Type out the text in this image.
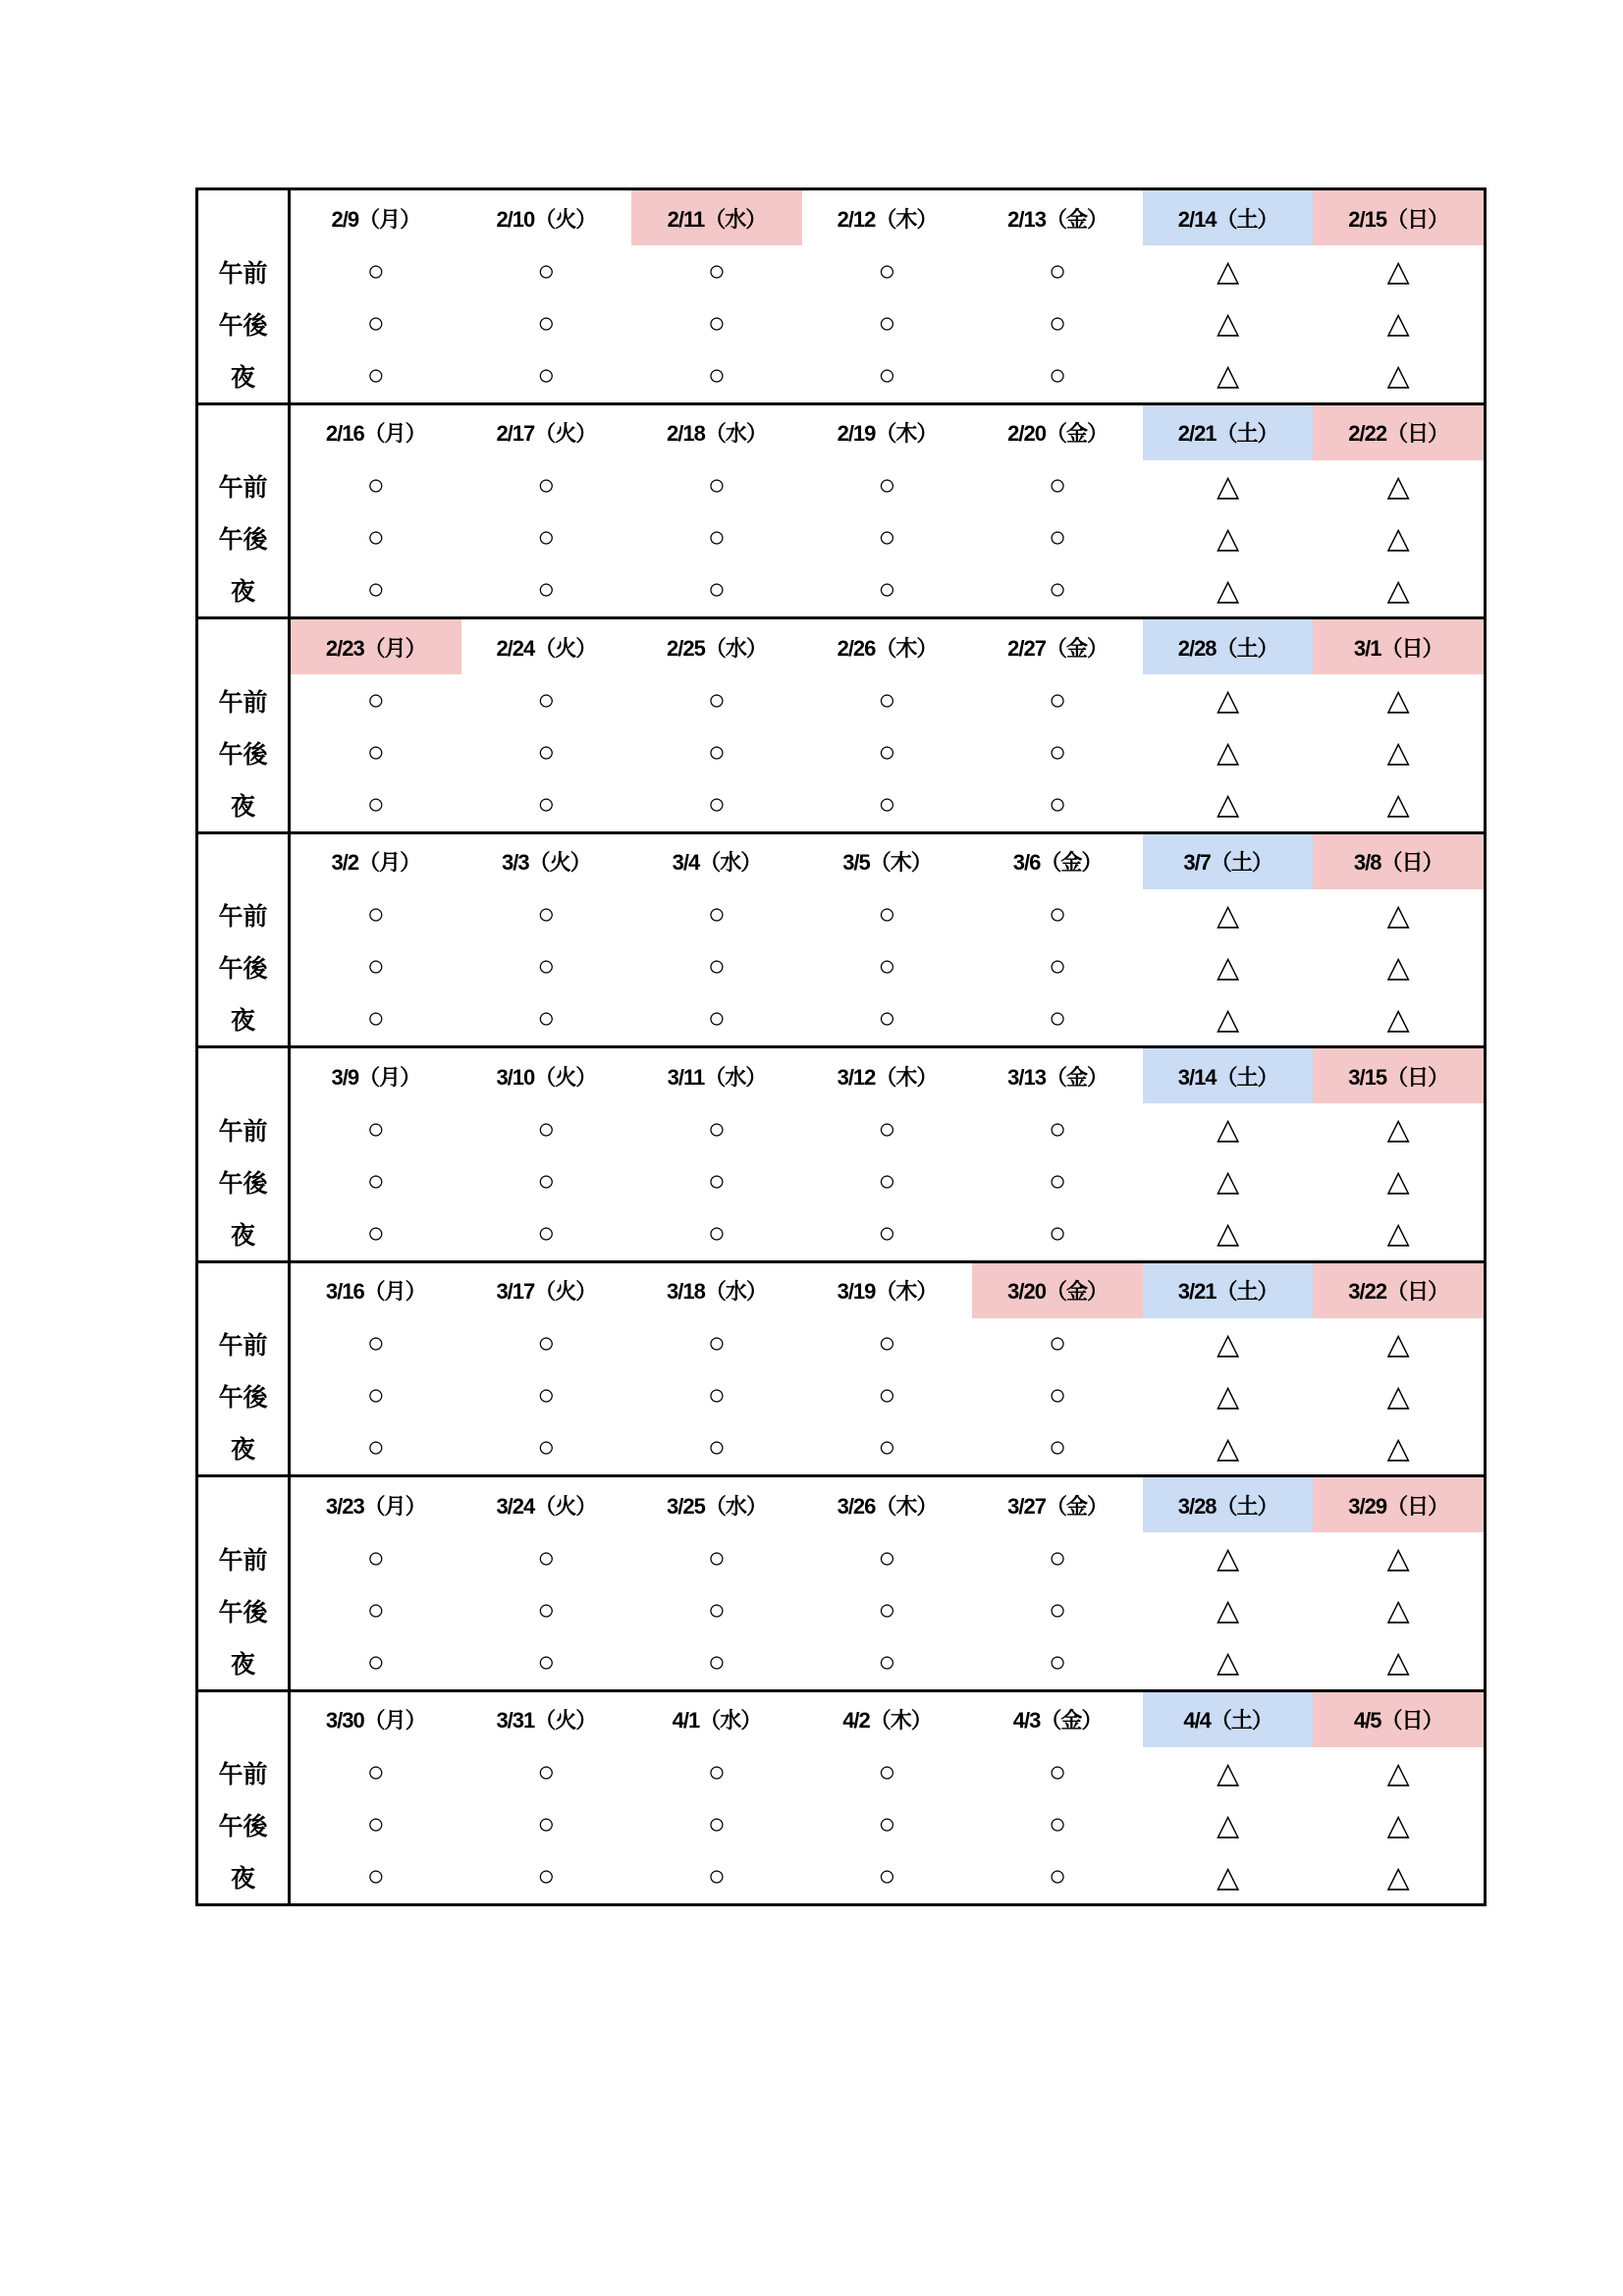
2/9（月）	2/10（火）	2/11（水）	2/12（木）	2/13（金）	2/14（土）	2/15（日）
午前	○	○	○	○	○	△	△
午後	○	○	○	○	○	△	△
夜	○	○	○	○	○	△	△
2/16（月）	2/17（火）	2/18（水）	2/19（木）	2/20（金）	2/21（土）	2/22（日）
午前	○	○	○	○	○	△	△
午後	○	○	○	○	○	△	△
夜	○	○	○	○	○	△	△
2/23（月）	2/24（火）	2/25（水）	2/26（木）	2/27（金）	2/28（土）	3/1（日）
午前	○	○	○	○	○	△	△
午後	○	○	○	○	○	△	△
夜	○	○	○	○	○	△	△
3/2（月）	3/3（火）	3/4（水）	3/5（木）	3/6（金）	3/7（土）	3/8（日）
午前	○	○	○	○	○	△	△
午後	○	○	○	○	○	△	△
夜	○	○	○	○	○	△	△
3/9（月）	3/10（火）	3/11（水）	3/12（木）	3/13（金）	3/14（土）	3/15（日）
午前	○	○	○	○	○	△	△
午後	○	○	○	○	○	△	△
夜	○	○	○	○	○	△	△
3/16（月）	3/17（火）	3/18（水）	3/19（木）	3/20（金）	3/21（土）	3/22（日）
午前	○	○	○	○	○	△	△
午後	○	○	○	○	○	△	△
夜	○	○	○	○	○	△	△
3/23（月）	3/24（火）	3/25（水）	3/26（木）	3/27（金）	3/28（土）	3/29（日）
午前	○	○	○	○	○	△	△
午後	○	○	○	○	○	△	△
夜	○	○	○	○	○	△	△
3/30（月）	3/31（火）	4/1（水）	4/2（木）	4/3（金）	4/4（土）	4/5（日）
午前	○	○	○	○	○	△	△
午後	○	○	○	○	○	△	△
夜	○	○	○	○	○	△	△
